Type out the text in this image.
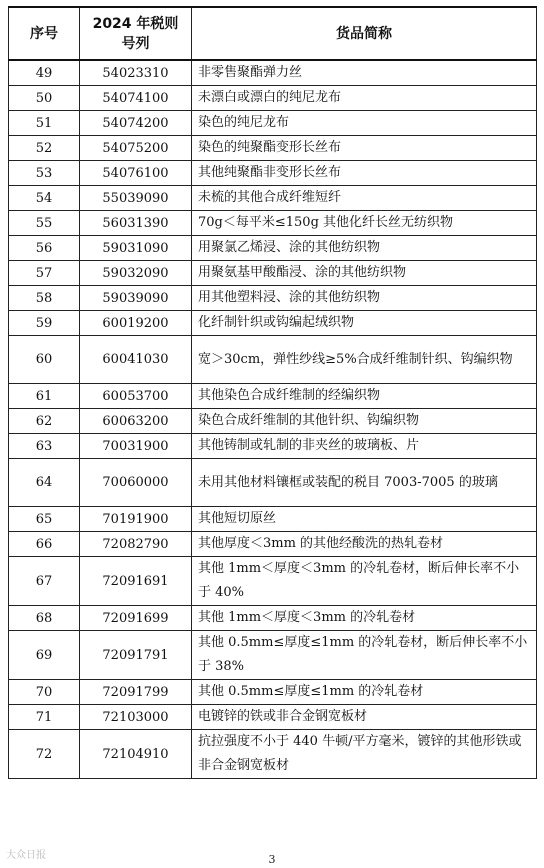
序号	2024 年税则号列	货品简称
49	54023310	非零售聚酯弹力丝
50	54074100	未漂白或漂白的纯尼龙布
51	54074200	染色的纯尼龙布
52	54075200	染色的纯聚酯变形长丝布
53	54076100	其他纯聚酯非变形长丝布
54	55039090	未梳的其他合成纤维短纤
55	56031390	70g＜每平米≤150g 其他化纤长丝无纺织物
56	59031090	用聚氯乙烯浸、涂的其他纺织物
57	59032090	用聚氨基甲酸酯浸、涂的其他纺织物
58	59039090	用其他塑料浸、涂的其他纺织物
59	60019200	化纤制针织或钩编起绒织物
60	60041030	宽＞30cm，弹性纱线≥5%合成纤维制针织、钩编织物
61	60053700	其他染色合成纤维制的经编织物
62	60063200	染色合成纤维制的其他针织、钩编织物
63	70031900	其他铸制或轧制的非夹丝的玻璃板、片
64	70060000	未用其他材料镶框或装配的税目 7003-7005 的玻璃
65	70191900	其他短切原丝
66	72082790	其他厚度＜3mm 的其他经酸洗的热轧卷材
67	72091691	其他 1mm＜厚度＜3mm 的冷轧卷材，断后伸长率不小于 40%
68	72091699	其他 1mm＜厚度＜3mm 的冷轧卷材
69	72091791	其他 0.5mm≤厚度≤1mm 的冷轧卷材，断后伸长率不小于 38%
70	72091799	其他 0.5mm≤厚度≤1mm 的冷轧卷材
71	72103000	电镀锌的铁或非合金钢宽板材
72	72104910	抗拉强度不小于 440 牛顿/平方毫米，镀锌的其他形铁或非合金钢宽板材
大众日报	3
